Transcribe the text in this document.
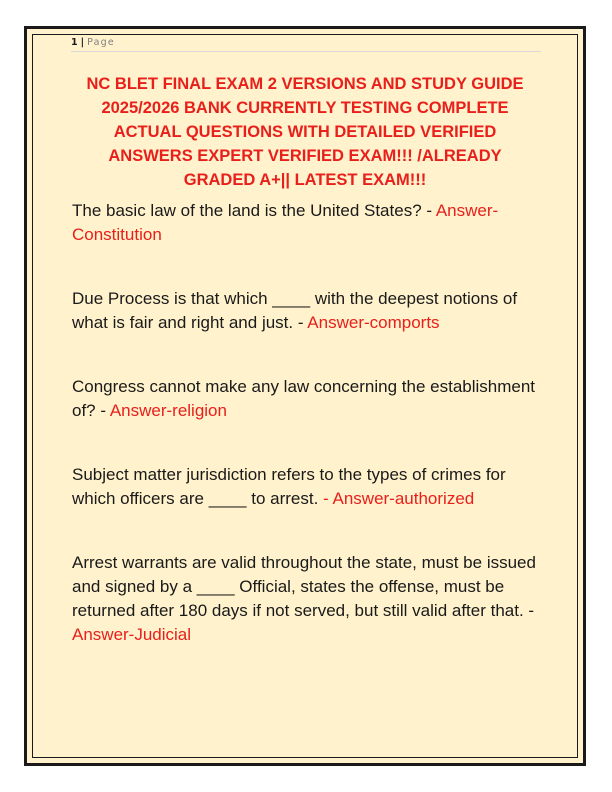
1 | Page
NC BLET FINAL EXAM 2 VERSIONS AND STUDY GUIDE 2025/2026 BANK CURRENTLY TESTING COMPLETE ACTUAL QUESTIONS WITH DETAILED VERIFIED ANSWERS EXPERT VERIFIED EXAM!!! /ALREADY GRADED A+|| LATEST EXAM!!!

The basic law of the land is the United States? - Answer-Constitution

Due Process is that which ____ with the deepest notions of what is fair and right and just. - Answer-comports

Congress cannot make any law concerning the establishment of? - Answer-religion

Subject matter jurisdiction refers to the types of crimes for which officers are ____ to arrest. - Answer-authorized

Arrest warrants are valid throughout the state, must be issued and signed by a ____ Official, states the offense, must be returned after 180 days if not served, but still valid after that. - Answer-Judicial
